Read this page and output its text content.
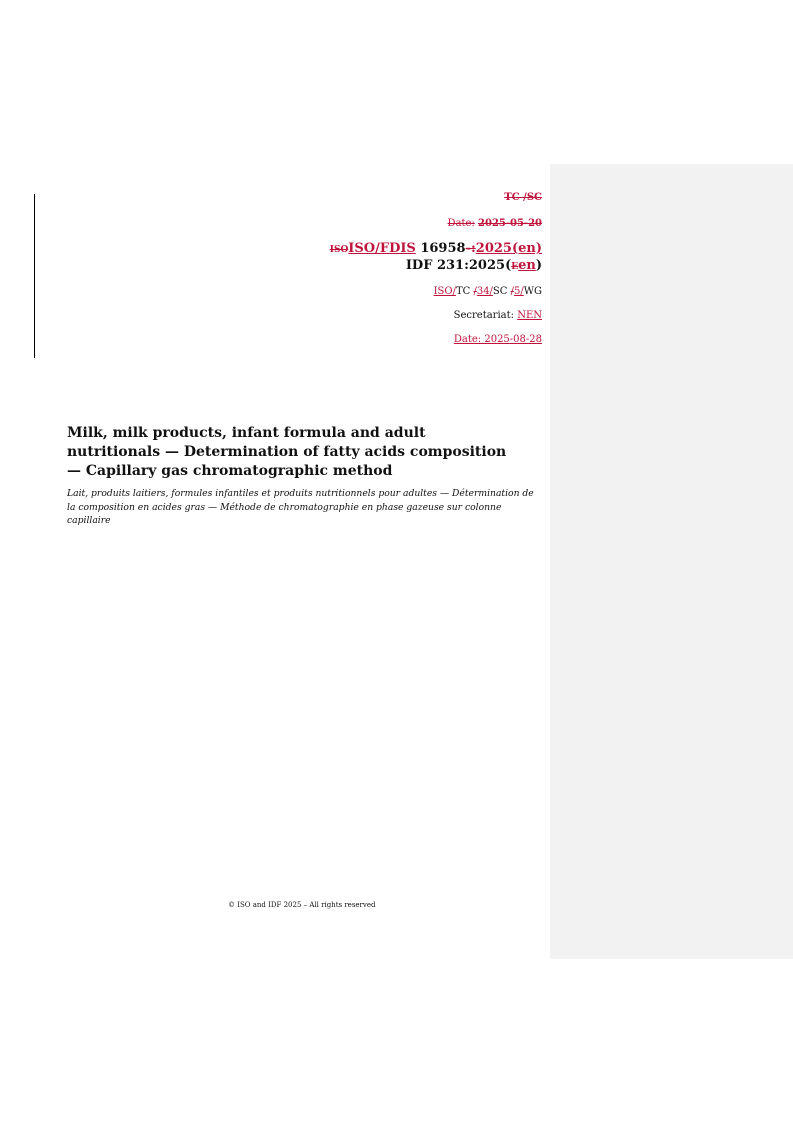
TC /SC
Date: 2025-05-20
ISOISO/FDIS 16958-:2025(en)
IDF 231:2025(Een)
ISO/TC /34/SC /5/WG
Secretariat: NEN
Date: 2025-08-28

Milk, milk products, infant formula and adult nutritionals — Determination of fatty acids composition — Capillary gas chromatographic method

Lait, produits laitiers, formules infantiles et produits nutritionnels pour adultes — Détermination de la composition en acides gras — Méthode de chromatographie en phase gazeuse sur colonne capillaire

© ISO and IDF 2025 – All rights reserved
